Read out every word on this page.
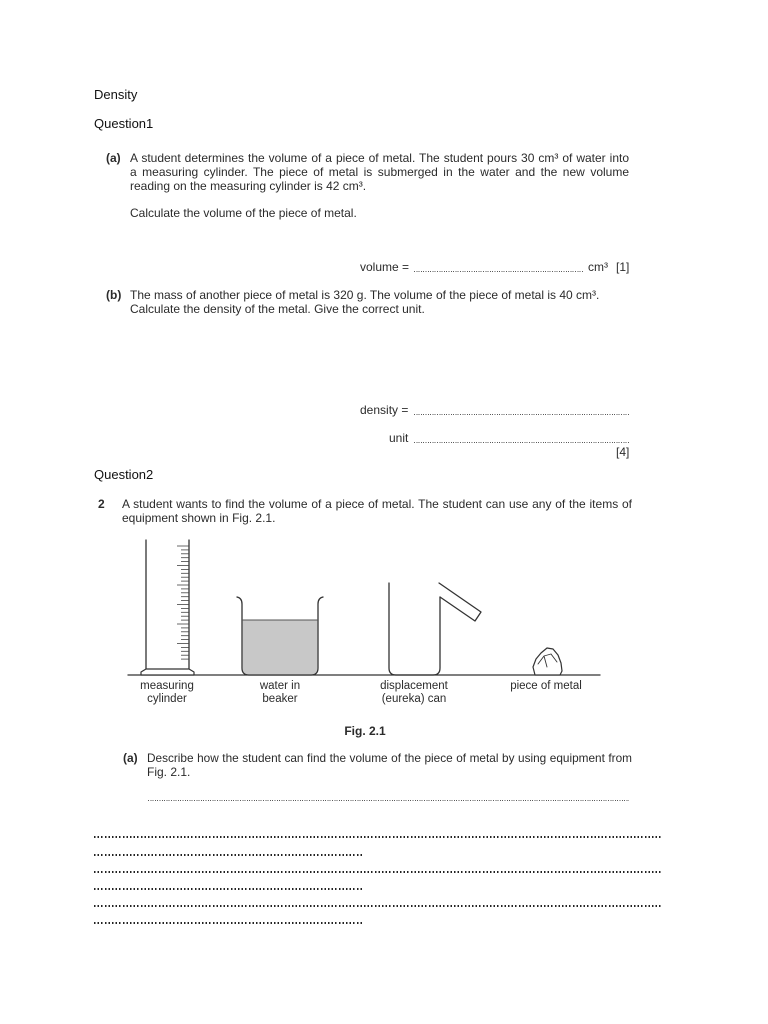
Density
Question1
(a) A student determines the volume of a piece of metal. The student pours 30 cm³ of water into
a measuring cylinder. The piece of metal is submerged in the water and the new volume
reading on the measuring cylinder is 42 cm³.
Calculate the volume of the piece of metal.
volume =	cm³ [1]
(b) The mass of another piece of metal is 320 g. The volume of the piece of metal is 40 cm³.
Calculate the density of the metal. Give the correct unit.
density =
unit
[4]
Question2
2 A student wants to find the volume of a piece of metal. The student can use any of the items of
equipment shown in Fig. 2.1.
measuring
cylinder
water in
beaker
displacement
(eureka) can
piece of metal
Fig. 2.1
(a) Describe how the student can find the volume of the piece of metal by using equipment from
Fig. 2.1.
